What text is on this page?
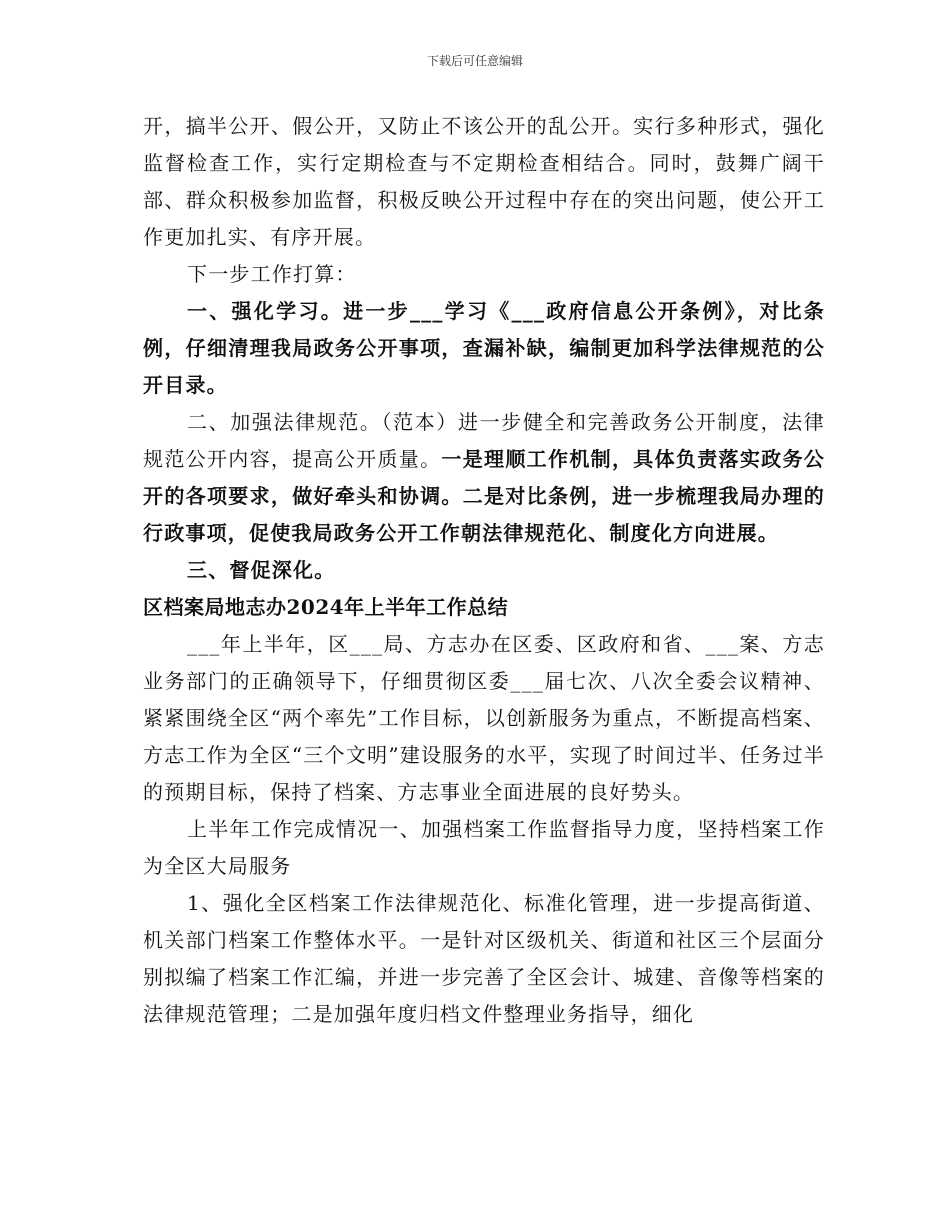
下载后可任意编辑

开，搞半公开、假公开，又防止不该公开的乱公开。实行多种形式，强化监督检查工作，实行定期检查与不定期检查相结合。同时，鼓舞广阔干部、群众积极参加监督，积极反映公开过程中存在的突出问题，使公开工作更加扎实、有序开展。

下一步工作打算：

一、强化学习。进一步___学习《___政府信息公开条例》，对比条例，仔细清理我局政务公开事项，查漏补缺，编制更加科学法律规范的公开目录。

二、加强法律规范。（范本）进一步健全和完善政务公开制度，法律规范公开内容，提高公开质量。一是理顺工作机制，具体负责落实政务公开的各项要求，做好牵头和协调。二是对比条例，进一步梳理我局办理的行政事项，促使我局政务公开工作朝法律规范化、制度化方向进展。

三、督促深化。

区档案局地志办2024年上半年工作总结

___年上半年，区___局、方志办在区委、区政府和省、___案、方志业务部门的正确领导下，仔细贯彻区委___届七次、八次全委会议精神、紧紧围绕全区“两个率先”工作目标，以创新服务为重点，不断提高档案、方志工作为全区“三个文明”建设服务的水平，实现了时间过半、任务过半的预期目标，保持了档案、方志事业全面进展的良好势头。

上半年工作完成情况一、加强档案工作监督指导力度，坚持档案工作为全区大局服务

1、强化全区档案工作法律规范化、标准化管理，进一步提高街道、机关部门档案工作整体水平。一是针对区级机关、街道和社区三个层面分别拟编了档案工作汇编，并进一步完善了全区会计、城建、音像等档案的法律规范管理；二是加强年度归档文件整理业务指导，细化
